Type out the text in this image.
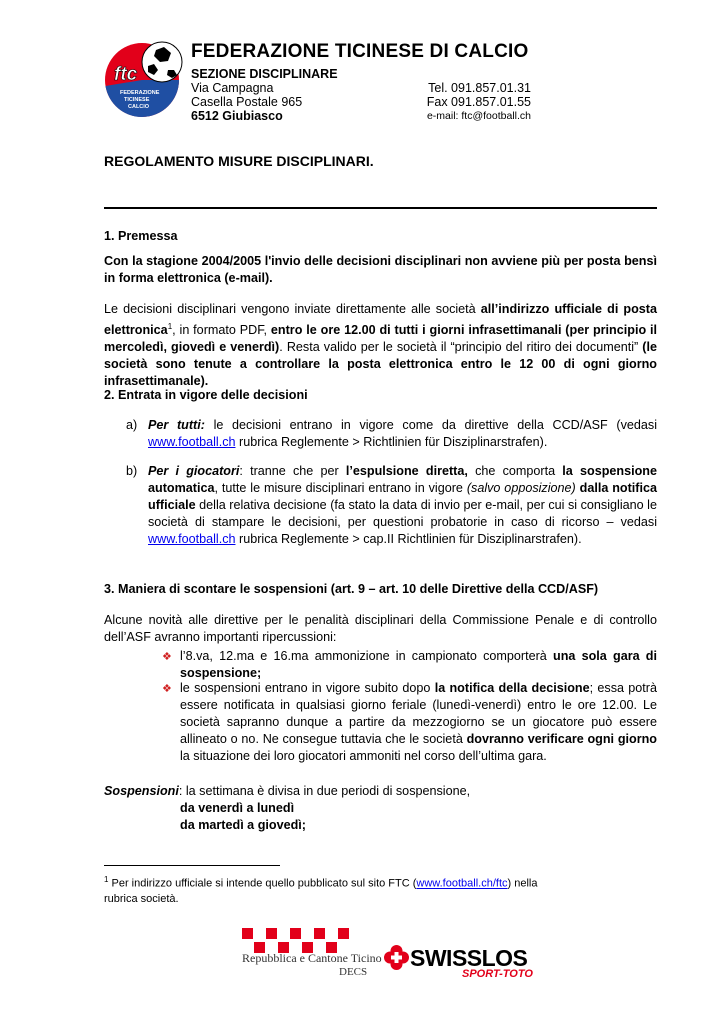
ftc
FEDERAZIONE
TICINESE
CALCIO
FEDERAZIONE TICINESE DI CALCIO
SEZIONE DISCIPLINARE
Via Campagna
Casella Postale 965
6512 Giubiasco
Tel. 091.857.01.31
Fax 091.857.01.55
e-mail: ftc@football.ch
REGOLAMENTO MISURE DISCIPLINARI.
1. Premessa
Con la stagione 2004/2005 l'invio delle decisioni disciplinari non avviene più per posta bensì in forma elettronica (e-mail).
Le decisioni disciplinari vengono inviate direttamente alle società all’indirizzo ufficiale di posta elettronica$^1$, in formato PDF, entro le ore 12.00 di tutti i giorni infrasettimanali (per principio il mercoledì, giovedì e venerdì). Resta valido per le società il “principio del ritiro dei documenti” (le società sono tenute a controllare la posta elettronica entro le 12 00 di ogni giorno infrasettimanale).
2. Entrata in vigore delle decisioni
a) Per tutti: le decisioni entrano in vigore come da direttive della CCD/ASF (vedasi www.football.ch rubrica Reglemente > Richtlinien für Disziplinarstrafen).
b) Per i giocatori: tranne che per l’espulsione diretta, che comporta la sospensione automatica, tutte le misure disciplinari entrano in vigore (salvo opposizione) dalla notifica ufficiale della relativa decisione (fa stato la data di invio per e-mail, per cui si consigliano le società di stampare le decisioni, per questioni probatorie in caso di ricorso – vedasi www.football.ch rubrica Reglemente > cap.II Richtlinien für Disziplinarstrafen).
3. Maniera di scontare le sospensioni (art. 9 – art. 10 delle Direttive della CCD/ASF)
Alcune novità alle direttive per le penalità disciplinari della Commissione Penale e di controllo dell’ASF avranno importanti ripercussioni:
❖ l’8.va, 12.ma e 16.ma ammonizione in campionato comporterà una sola gara di sospensione;
❖ le sospensioni entrano in vigore subito dopo la notifica della decisione; essa potrà essere notificata in qualsiasi giorno feriale (lunedì-venerdì) entro le ore 12.00. Le società sapranno dunque a partire da mezzogiorno se un giocatore può essere allineato o no. Ne consegue tuttavia che le società dovranno verificare ogni giorno la situazione dei loro giocatori ammoniti nel corso dell’ultima gara.
Sospensioni: la settimana è divisa in due periodi di sospensione,
da venerdì a lunedì
da martedì a giovedì;
$^1$ Per indirizzo ufficiale si intende quello pubblicato sul sito FTC (www.football.ch/ftc) nella rubrica società.
Repubblica e Cantone Ticino
DECS
SWISSLOS
SPORT-TOTO
